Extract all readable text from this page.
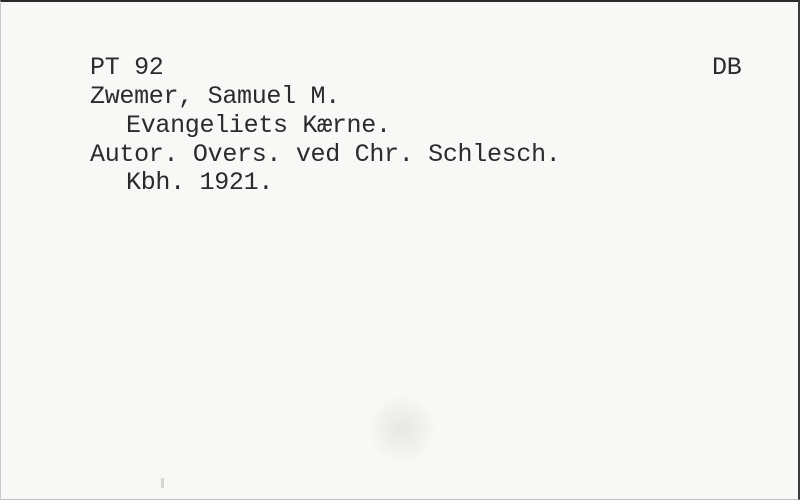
PT 92	DB
Zwemer, Samuel M.
Evangeliets Kærne.
Autor. Overs. ved Chr. Schlesch.
Kbh. 1921.
